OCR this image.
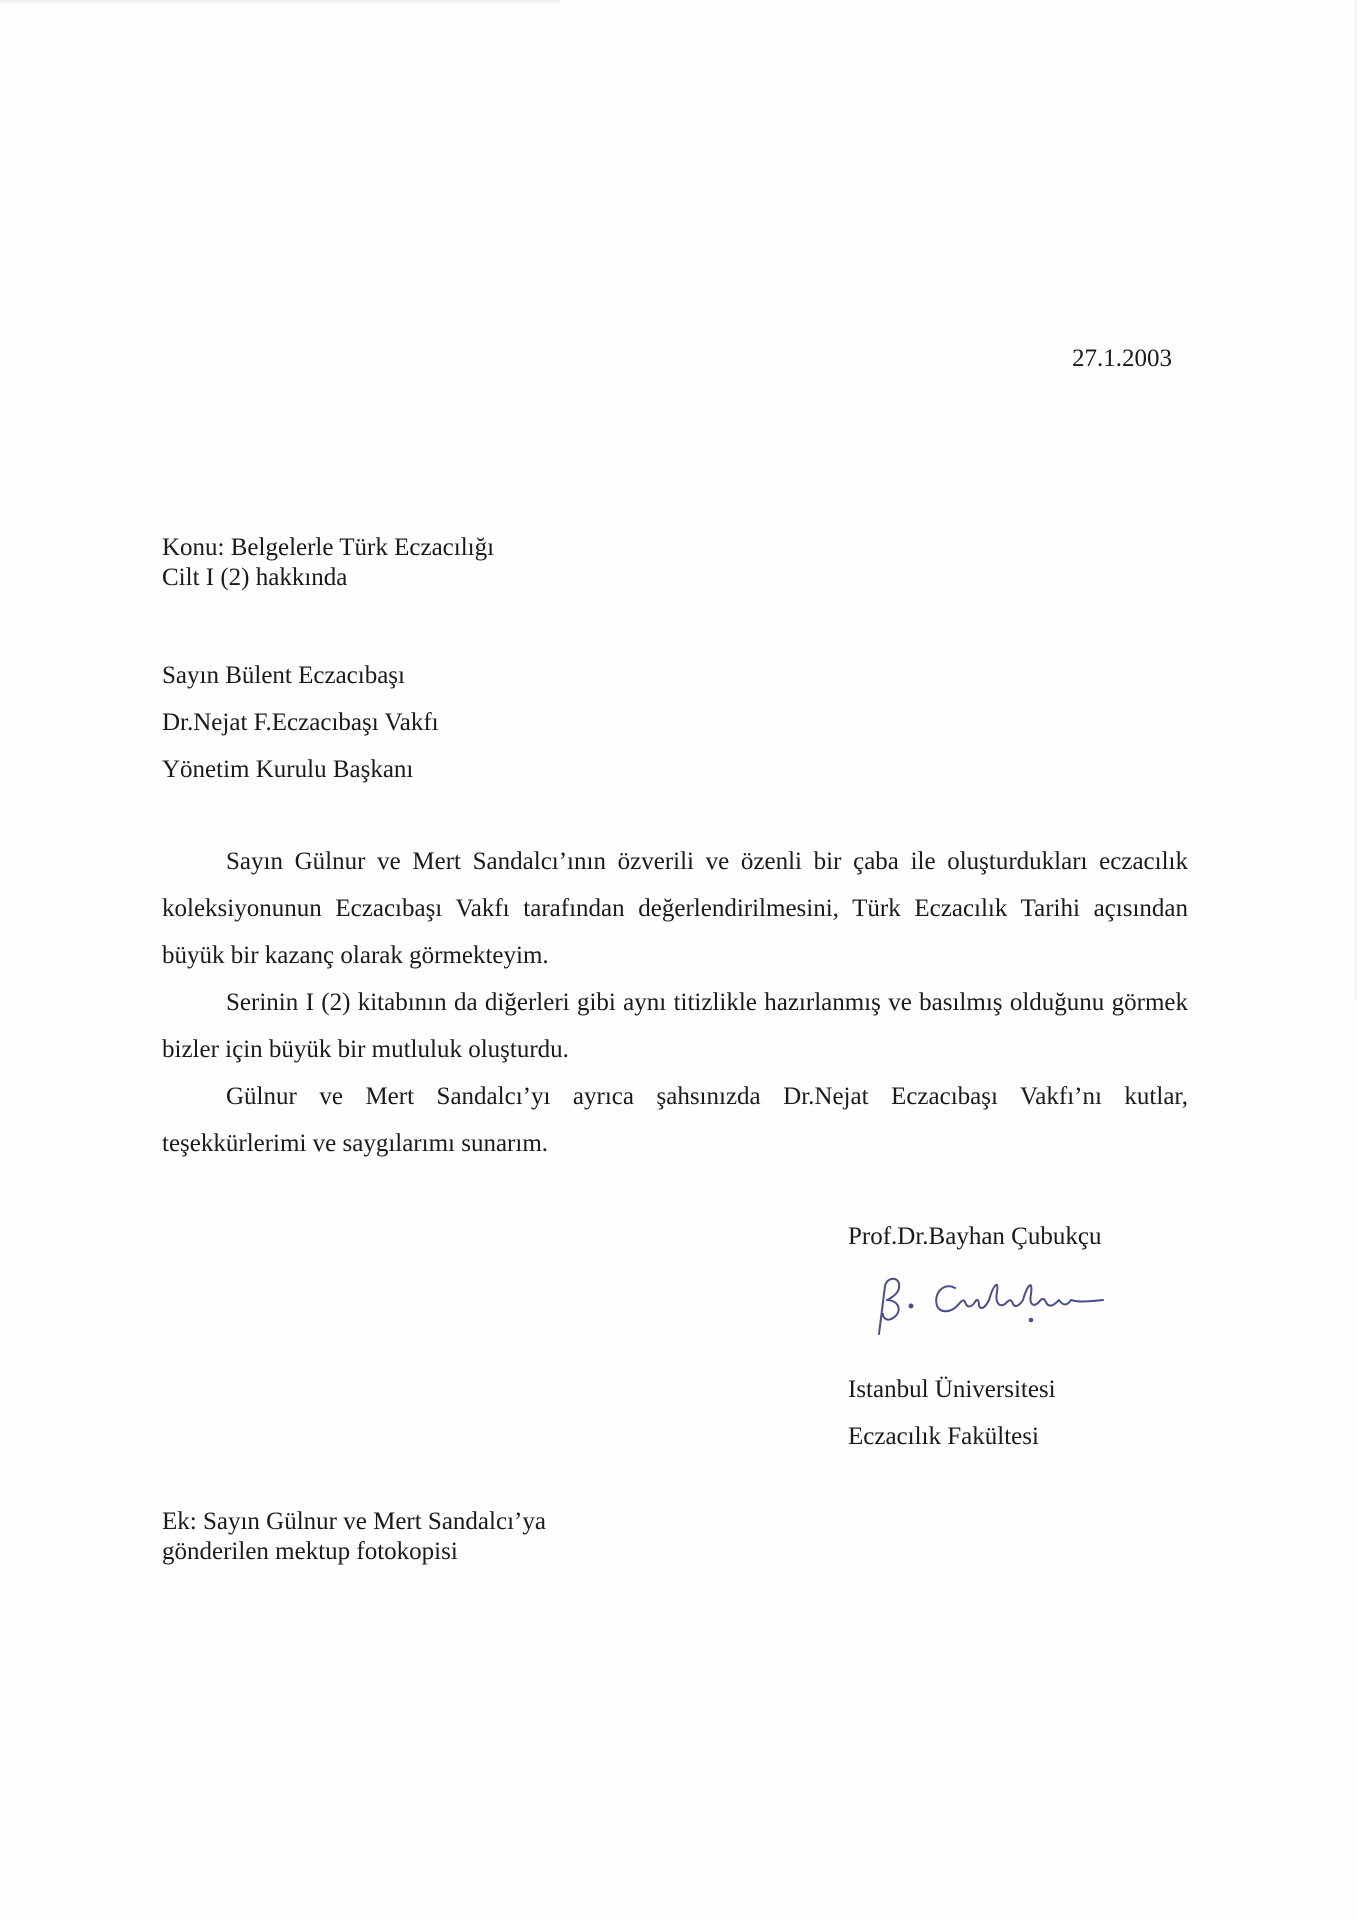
27.1.2003
Konu: Belgelerle Türk Eczacılığı
Cilt I (2) hakkında
Sayın Bülent Eczacıbaşı
Dr.Nejat F.Eczacıbaşı Vakfı
Yönetim Kurulu Başkanı

Sayın Gülnur ve Mert Sandalcı’ının özverili ve özenli bir çaba ile oluşturdukları eczacılık koleksiyonunun Eczacıbaşı Vakfı tarafından değerlendirilmesini, Türk Eczacılık Tarihi açısından büyük bir kazanç olarak görmekteyim.

Serinin I (2) kitabının da diğerleri gibi aynı titizlikle hazırlanmış ve basılmış olduğunu görmek bizler için büyük bir mutluluk oluşturdu.

Gülnur ve Mert Sandalcı’yı ayrıca şahsınızda Dr.Nejat Eczacıbaşı Vakfı’nı kutlar, teşekkürlerimi ve saygılarımı sunarım.

Prof.Dr.Bayhan Çubukçu
Istanbul Üniversitesi
Eczacılık Fakültesi
Ek: Sayın Gülnur ve Mert Sandalcı’ya
gönderilen mektup fotokopisi
